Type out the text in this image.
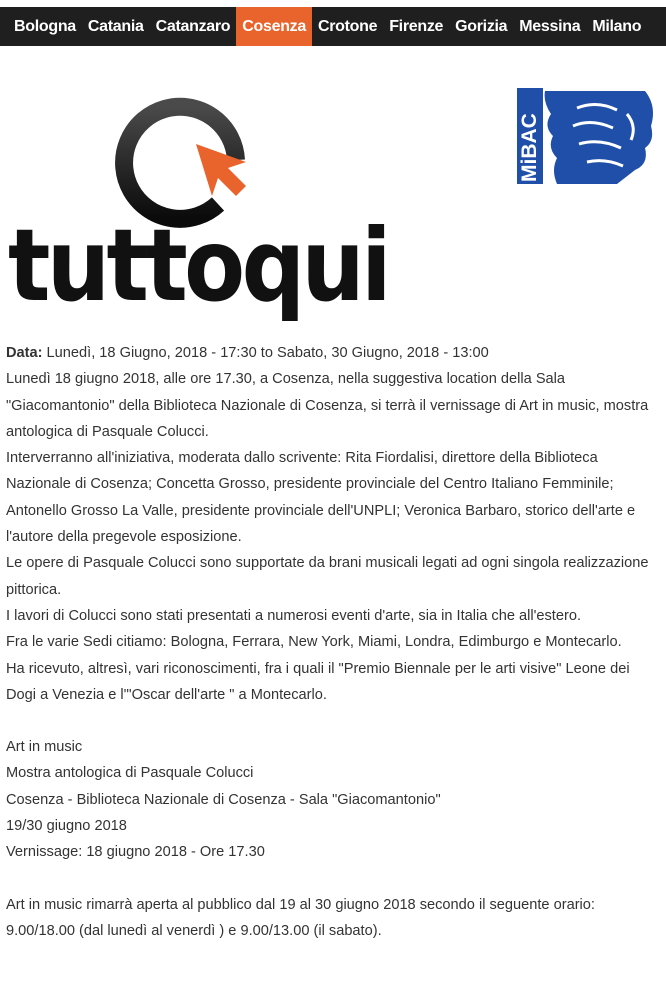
Bologna Catania Catanzaro Cosenza Crotone Firenze Gorizia Messina Milano
tuttoqui
MiBAC

Data: Lunedì, 18 Giugno, 2018 - 17:30 to Sabato, 30 Giugno, 2018 - 13:00

Lunedì 18 giugno 2018, alle ore 17.30, a Cosenza, nella suggestiva location della Sala "Giacomantonio" della Biblioteca Nazionale di Cosenza, si terrà il vernissage di Art in music, mostra antologica di Pasquale Colucci.

Interverranno all'iniziativa, moderata dallo scrivente: Rita Fiordalisi, direttore della Biblioteca Nazionale di Cosenza; Concetta Grosso, presidente provinciale del Centro Italiano Femminile; Antonello Grosso La Valle, presidente provinciale dell'UNPLI; Veronica Barbaro, storico dell'arte e l'autore della pregevole esposizione.

Le opere di Pasquale Colucci sono supportate da brani musicali legati ad ogni singola realizzazione pittorica.

I lavori di Colucci sono stati presentati a numerosi eventi d'arte, sia in Italia che all'estero.

Fra le varie Sedi citiamo: Bologna, Ferrara, New York, Miami, Londra, Edimburgo e Montecarlo.

Ha ricevuto, altresì, vari riconoscimenti, fra i quali il "Premio Biennale per le arti visive" Leone dei Dogi a Venezia e l'"Oscar dell'arte " a Montecarlo.

Art in music

Mostra antologica di Pasquale Colucci

Cosenza - Biblioteca Nazionale di Cosenza - Sala "Giacomantonio"

19/30 giugno 2018

Vernissage: 18 giugno 2018 - Ore 17.30

Art in music rimarrà aperta al pubblico dal 19 al 30 giugno 2018 secondo il seguente orario: 9.00/18.00 (dal lunedì al venerdì ) e 9.00/13.00 (il sabato).
